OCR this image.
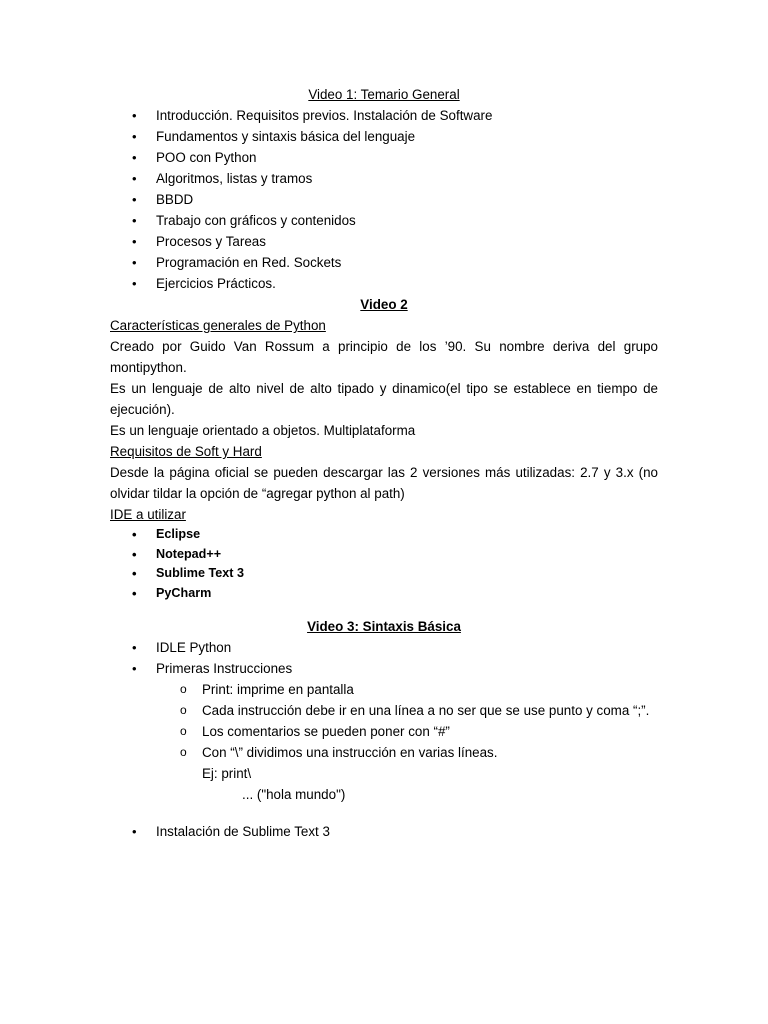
Video 1: Temario General
• Introducción. Requisitos previos. Instalación de Software
• Fundamentos y sintaxis básica del lenguaje
• POO con Python
• Algoritmos, listas y tramos
• BBDD
• Trabajo con gráficos y contenidos
• Procesos y Tareas
• Programación en Red. Sockets
• Ejercicios Prácticos.
Video 2
Características generales de Python

Creado por Guido Van Rossum a principio de los ’90. Su nombre deriva del grupo montipython.

Es un lenguaje de alto nivel de alto tipado y dinamico(el tipo se establece en tiempo de ejecución).

Es un lenguaje orientado a objetos. Multiplataforma

Requisitos de Soft y Hard

Desde la página oficial se pueden descargar las 2 versiones más utilizadas: 2.7 y 3.x (no olvidar tildar la opción de “agregar python al path)

IDE a utilizar
• Eclipse
• Notepad++
• Sublime Text 3
• PyCharm
Video 3: Sintaxis Básica
• IDLE Python
• Primeras Instrucciones
o Print: imprime en pantalla
o Cada instrucción debe ir en una línea a no ser que se use punto y coma “;”.
o Los comentarios se pueden poner con “#”
o Con “\” dividimos una instrucción en varias líneas.
Ej: print\
... ("hola mundo")
• Instalación de Sublime Text 3
